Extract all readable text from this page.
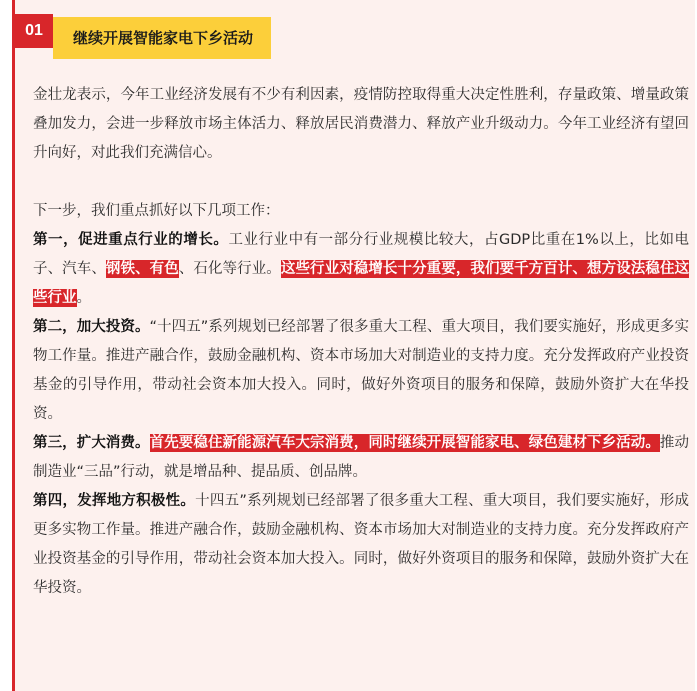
01	继续开展智能家电下乡活动

金壮龙表示，今年工业经济发展有不少有利因素，疫情防控取得重大决定性胜利，存量政策、增量政策叠加发力，会进一步释放市场主体活力、释放居民消费潜力、释放产业升级动力。今年工业经济有望回升向好，对此我们充满信心。

下一步，我们重点抓好以下几项工作：

第一，促进重点行业的增长。工业行业中有一部分行业规模比较大，占GDP比重在1%以上，比如电子、汽车、钢铁、有色、石化等行业。这些行业对稳增长十分重要，我们要千方百计、想方设法稳住这些行业。

第二，加大投资。“十四五”系列规划已经部署了很多重大工程、重大项目，我们要实施好，形成更多实物工作量。推进产融合作，鼓励金融机构、资本市场加大对制造业的支持力度。充分发挥政府产业投资基金的引导作用，带动社会资本加大投入。同时，做好外资项目的服务和保障，鼓励外资扩大在华投资。

第三，扩大消费。首先要稳住新能源汽车大宗消费，同时继续开展智能家电、绿色建材下乡活动。推动制造业“三品”行动，就是增品种、提品质、创品牌。

第四，发挥地方积极性。十四五”系列规划已经部署了很多重大工程、重大项目，我们要实施好，形成更多实物工作量。推进产融合作，鼓励金融机构、资本市场加大对制造业的支持力度。充分发挥政府产业投资基金的引导作用，带动社会资本加大投入。同时，做好外资项目的服务和保障，鼓励外资扩大在华投资。
